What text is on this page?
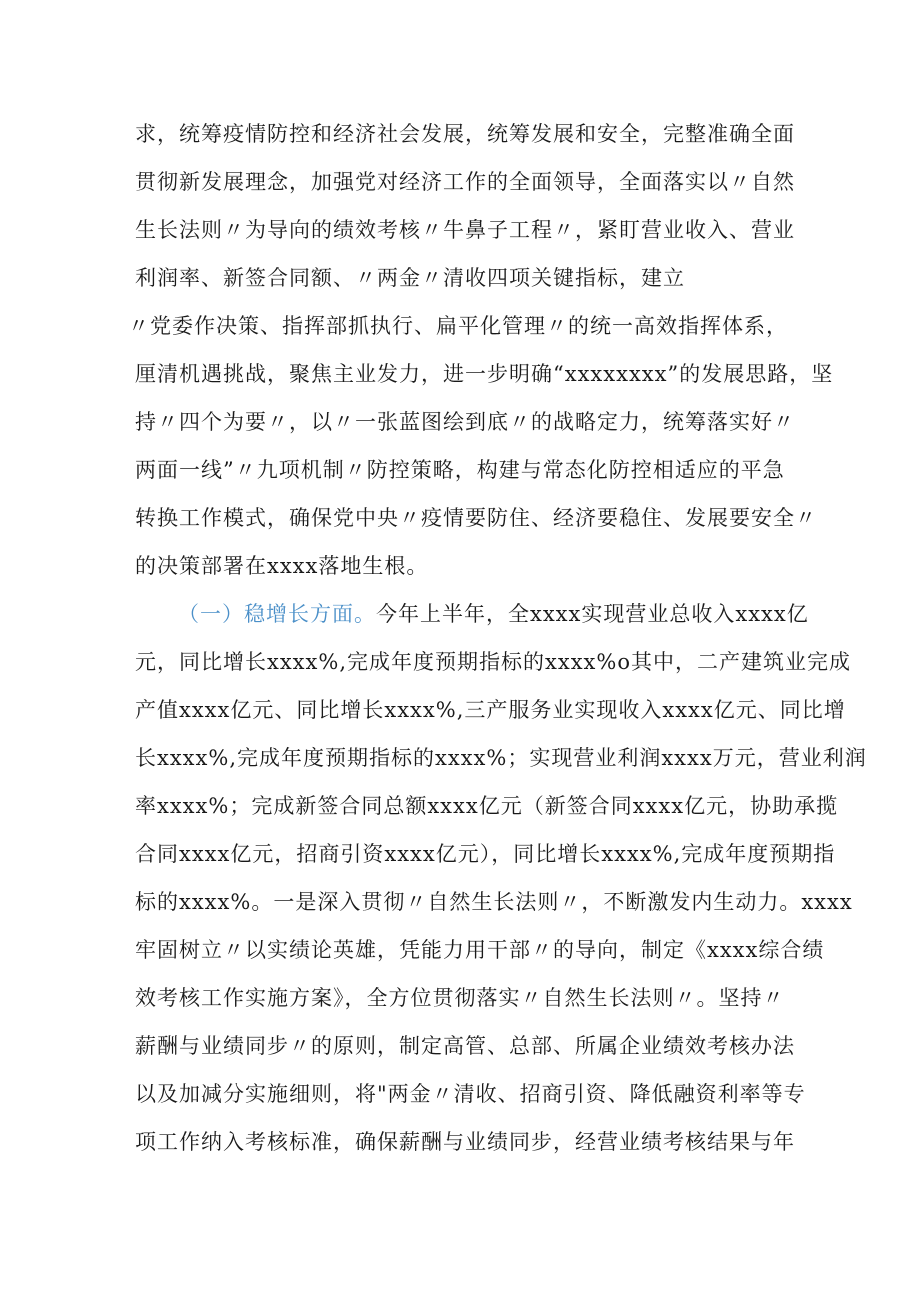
求，统筹疫情防控和经济社会发展，统筹发展和安全，完整准确全面
贯彻新发展理念，加强党对经济工作的全面领导，全面落实以〃自然
生长法则〃为导向的绩效考核〃牛鼻子工程〃，紧盯营业收入、营业
利润率、新签合同额、〃两金〃清收四项关键指标，建立
〃党委作决策、指挥部抓执行、扁平化管理〃的统一高效指挥体系，
厘清机遇挑战，聚焦主业发力，进一步明确“xxxxxxxx”的发展思路，坚
持〃四个为要〃，以〃一张蓝图绘到底〃的战略定力，统筹落实好〃
两面一线”〃九项机制〃防控策略，构建与常态化防控相适应的平急
转换工作模式，确保党中央〃疫情要防住、经济要稳住、发展要安全〃
的决策部署在xxxx落地生根。
（一）稳增长方面。今年上半年，全xxxx实现营业总收入xxxx亿
元，同比增长xxxx%,完成年度预期指标的xxxx%o其中，二产建筑业完成
产值xxxx亿元、同比增长xxxx%,三产服务业实现收入xxxx亿元、同比增
长xxxx%,完成年度预期指标的xxxx%；实现营业利润xxxx万元，营业利润
率xxxx%；完成新签合同总额xxxx亿元（新签合同xxxx亿元，协助承揽
合同xxxx亿元，招商引资xxxx亿元），同比增长xxxx%,完成年度预期指
标的xxxx%。一是深入贯彻〃自然生长法则〃，不断激发内生动力。xxxx
牢固树立〃以实绩论英雄，凭能力用干部〃的导向，制定《xxxx综合绩
效考核工作实施方案》，全方位贯彻落实〃自然生长法则〃。坚持〃
薪酬与业绩同步〃的原则，制定高管、总部、所属企业绩效考核办法
以及加减分实施细则，将"两金〃清收、招商引资、降低融资利率等专
项工作纳入考核标准，确保薪酬与业绩同步，经营业绩考核结果与年
